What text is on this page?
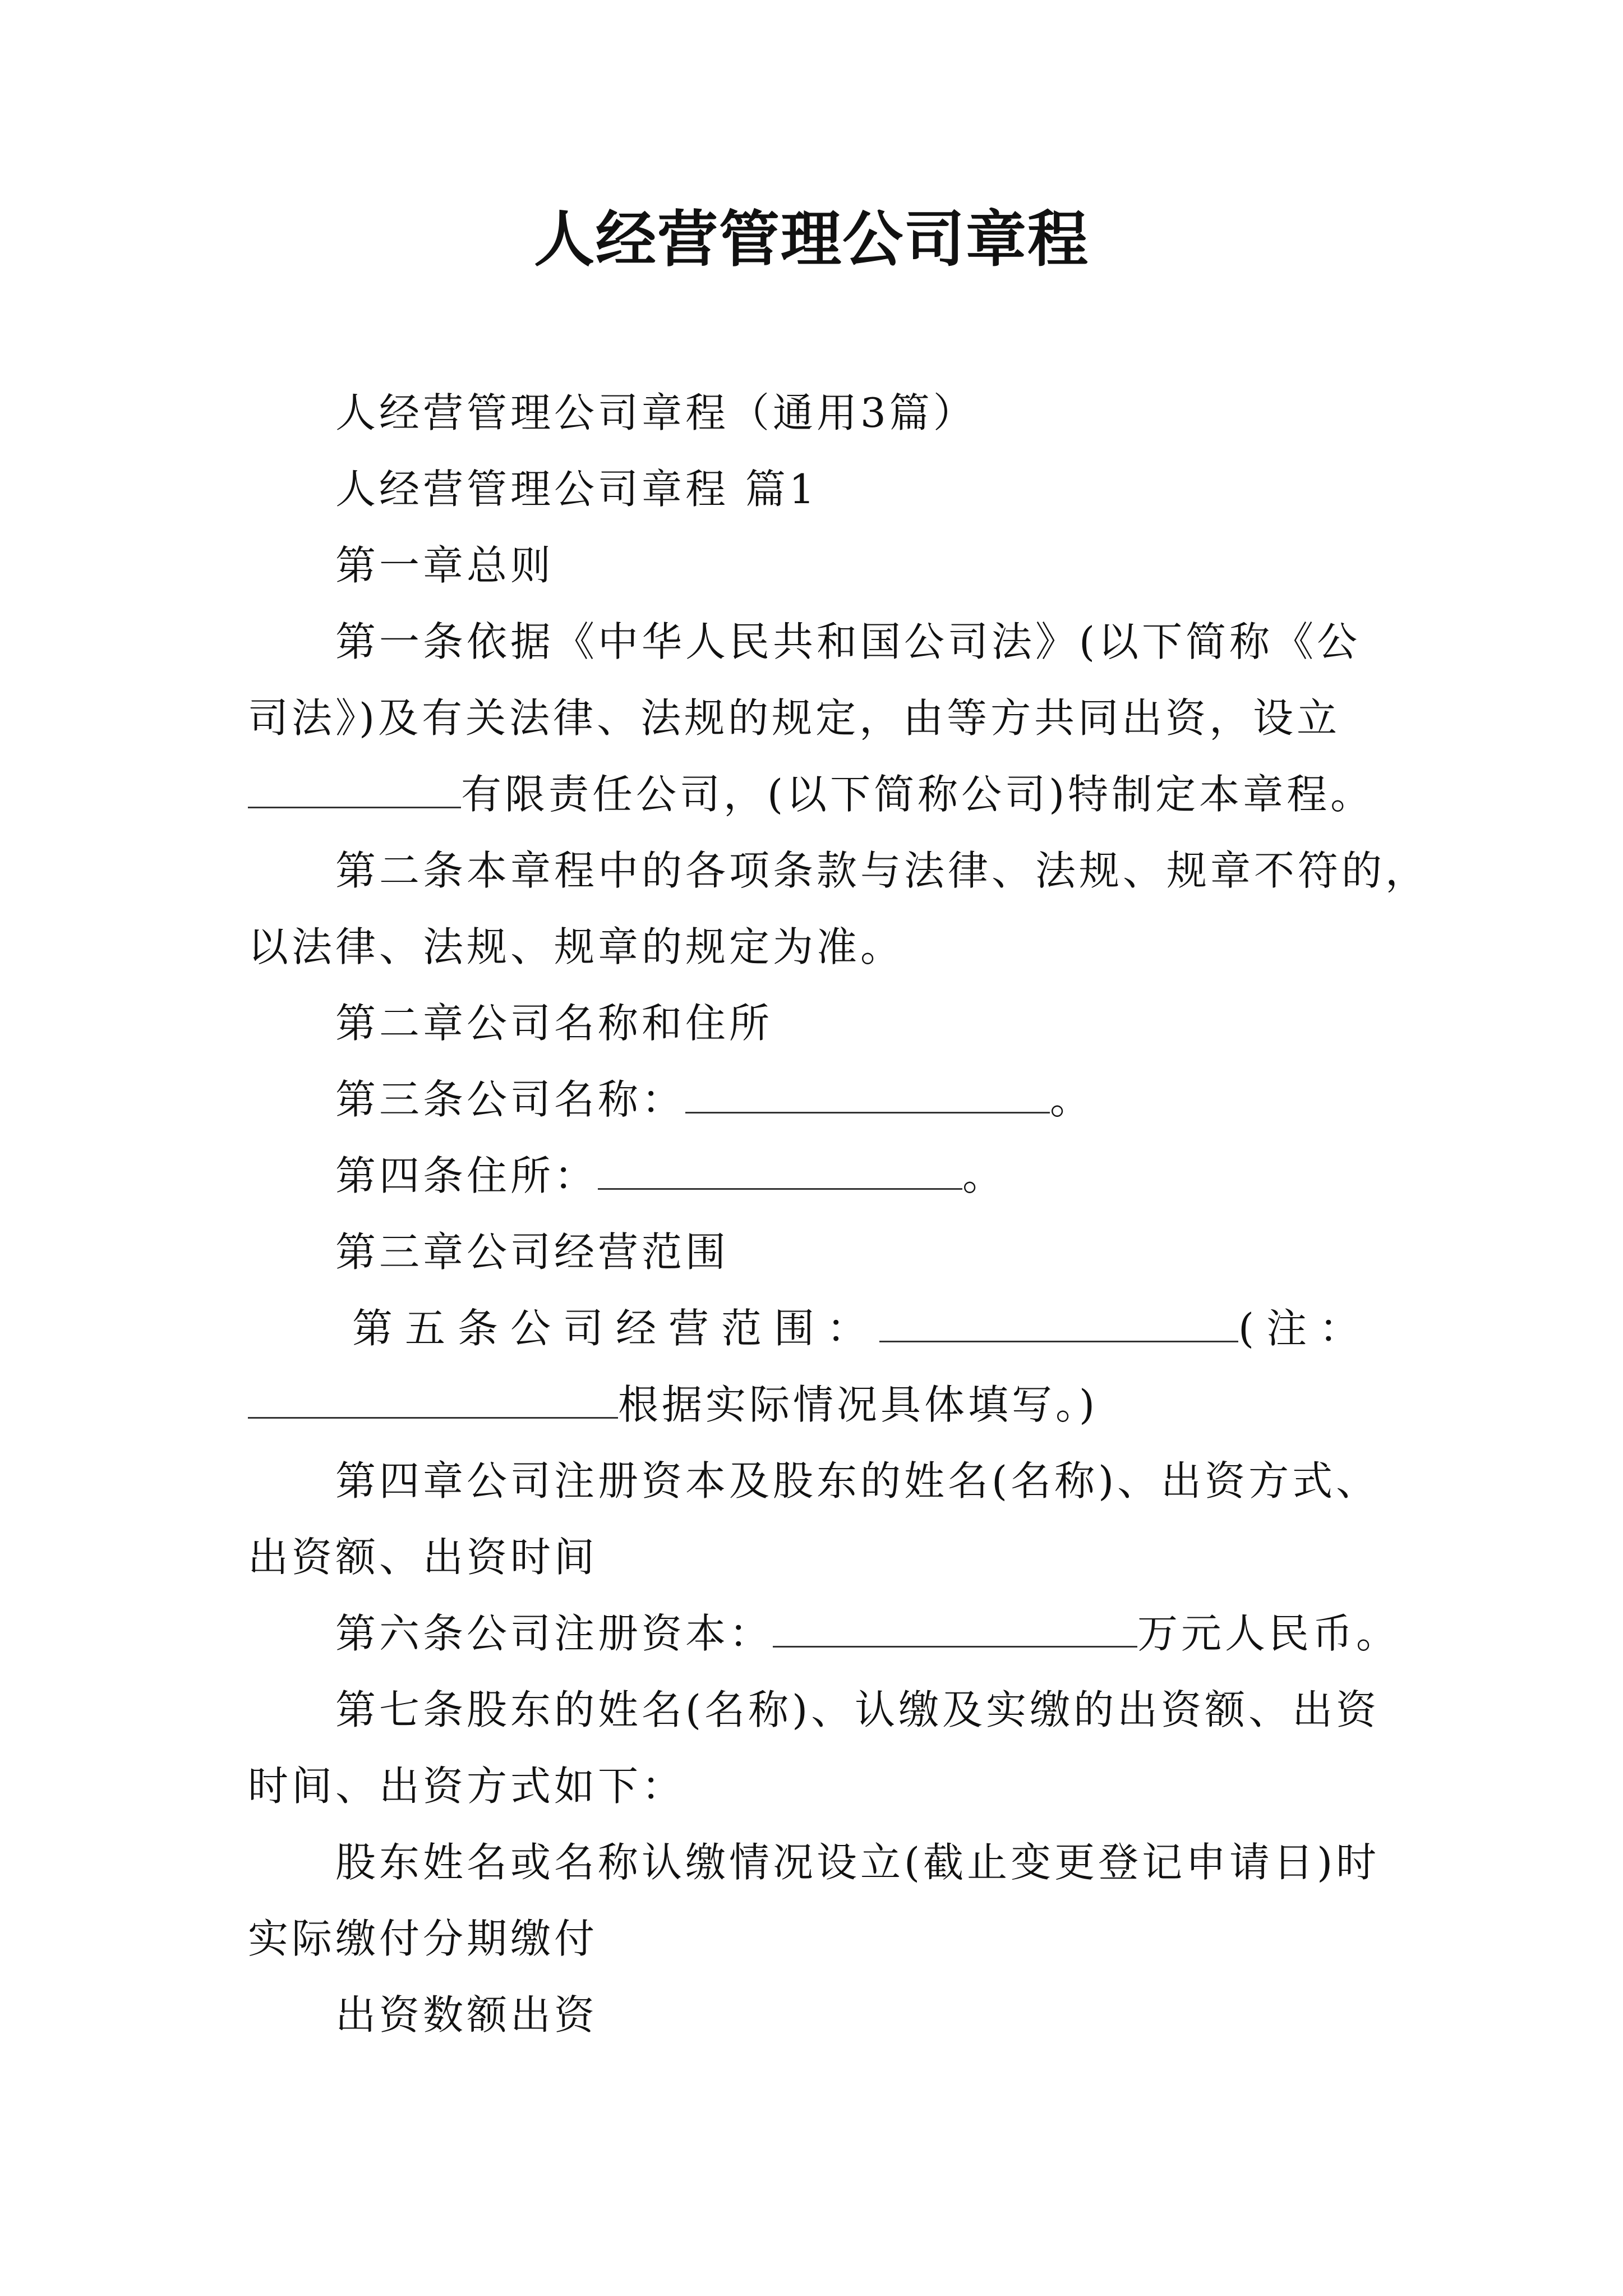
人经营管理公司章程
人经营管理公司章程（通用3篇）
人经营管理公司章程 篇1
第一章总则
第一条依据《中华人民共和国公司法》(以下简称《公
司法》)及有关法律、法规的规定，由等方共同出资，设立
有限责任公司，(以下简称公司)特制定本章程。
第二条本章程中的各项条款与法律、法规、规章不符的，
以法律、法规、规章的规定为准。
第二章公司名称和住所
第三条公司名称：	。
第四条住所：	。
第三章公司经营范围
第五条公司经营范围：	(注：
根据实际情况具体填写。)
第四章公司注册资本及股东的姓名(名称)、出资方式、
出资额、出资时间
第六条公司注册资本：	万元人民币。
第七条股东的姓名(名称)、认缴及实缴的出资额、出资
时间、出资方式如下：
股东姓名或名称认缴情况设立(截止变更登记申请日)时
实际缴付分期缴付
出资数额出资
